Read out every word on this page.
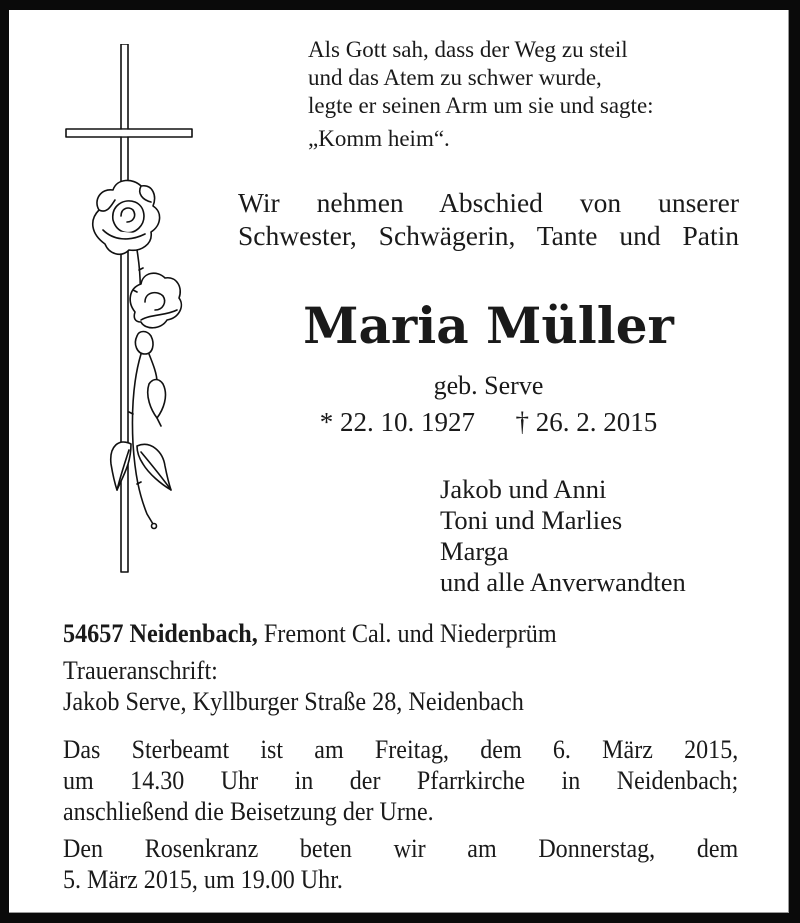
Als Gott sah, dass der Weg zu steil
und das Atem zu schwer wurde,
legte er seinen Arm um sie und sagte:
„Komm heim“.
Wir nehmen Abschied von unserer
Schwester, Schwägerin, Tante und Patin
Maria Müller
geb. Serve
* 22. 10. 1927 † 26. 2. 2015
Jakob und Anni
Toni und Marlies
Marga
und alle Anverwandten
54657 Neidenbach, Fremont Cal. und Niederprüm
Traueranschrift:
Jakob Serve, Kyllburger Straße 28, Neidenbach
Das Sterbeamt ist am Freitag, dem 6. März 2015,
um 14.30 Uhr in der Pfarrkirche in Neidenbach;
anschließend die Beisetzung der Urne.
Den Rosenkranz beten wir am Donnerstag, dem
5. März 2015, um 19.00 Uhr.
